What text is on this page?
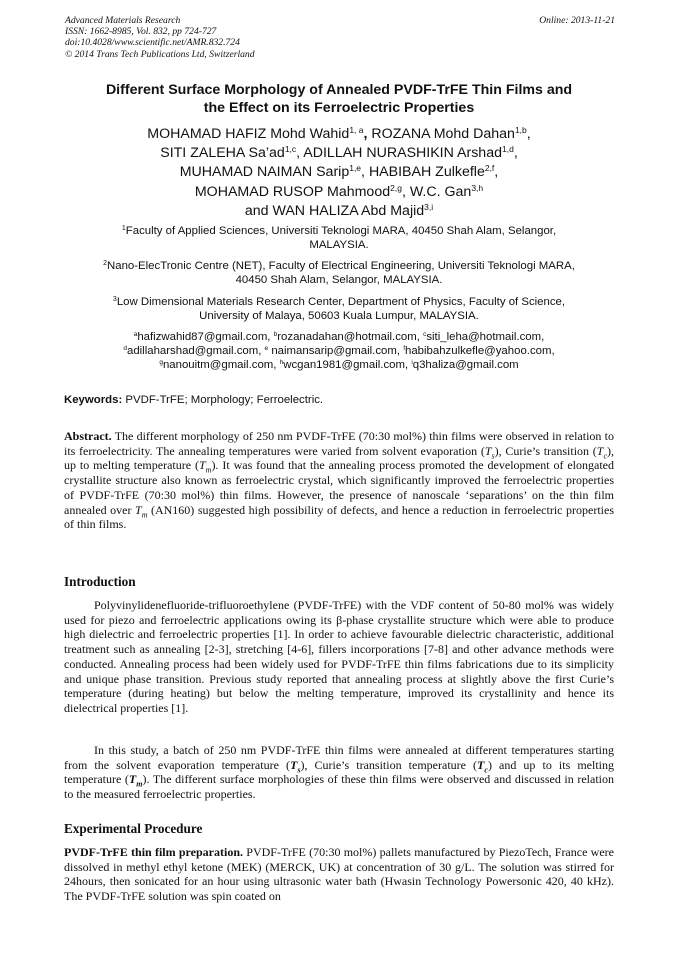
Advanced Materials Research
ISSN: 1662-8985, Vol. 832, pp 724-727
doi:10.4028/www.scientific.net/AMR.832.724
© 2014 Trans Tech Publications Ltd, Switzerland
Online: 2013-11-21
Different Surface Morphology of Annealed PVDF-TrFE Thin Films and
the Effect on its Ferroelectric Properties
MOHAMAD HAFIZ Mohd Wahid$^{1, a}$, ROZANA Mohd Dahan$^{1,b}$,
SITI ZALEHA Sa’ad$^{1,c}$, ADILLAH NURASHIKIN Arshad$^{1,d}$,
MUHAMAD NAIMAN Sarip$^{1,e}$, HABIBAH Zulkefle$^{2,f}$,
MOHAMAD RUSOP Mahmood$^{2,g}$, W.C. Gan$^{3,h}$
and WAN HALIZA Abd Majid$^{3,i}$
$^1$Faculty of Applied Sciences, Universiti Teknologi MARA, 40450 Shah Alam, Selangor,
MALAYSIA.
$^2$Nano-ElecTronic Centre (NET), Faculty of Electrical Engineering, Universiti Teknologi MARA,
40450 Shah Alam, Selangor, MALAYSIA.
$^3$Low Dimensional Materials Research Center, Department of Physics, Faculty of Science,
University of Malaya, 50603 Kuala Lumpur, MALAYSIA.
$^a$hafizwahid87@gmail.com, $^b$rozanadahan@hotmail.com, $^c$siti_leha@hotmail.com,
$^d$adillaharshad@gmail.com, $^e$ naimansarip@gmail.com, $^f$habibahzulkefle@yahoo.com,
$^g$nanouitm@gmail.com, $^h$wcgan1981@gmail.com, $^i$q3haliza@gmail.com
Keywords: PVDF-TrFE; Morphology; Ferroelectric.
Abstract. The different morphology of 250 nm PVDF-TrFE (70:30 mol%) thin films were observed in relation to its ferroelectricity. The annealing temperatures were varied from solvent evaporation $(T_s)$, Curie’s transition $(T_c)$, up to melting temperature $(T_m)$. It was found that the annealing process promoted the development of elongated crystallite structure also known as ferroelectric crystal, which significantly improved the ferroelectric properties of PVDF-TrFE (70:30 mol%) thin films. However, the presence of nanoscale ‘separations’ on the thin film annealed over $T_m$ (AN160) suggested high possibility of defects, and hence a reduction in ferroelectric properties of thin films.
Introduction
Polyvinylidenefluoride-trifluoroethylene (PVDF-TrFE) with the VDF content of 50-80 mol% was widely used for piezo and ferroelectric applications owing its β-phase crystallite structure which were able to produce high dielectric and ferroelectric properties [1]. In order to achieve favourable dielectric characteristic, additional treatment such as annealing [2-3], stretching [4-6], fillers incorporations [7-8] and other advance methods were conducted. Annealing process had been widely used for PVDF-TrFE thin films fabrications due to its simplicity and unique phase transition. Previous study reported that annealing process at slightly above the first Curie’s temperature (during heating) but below the melting temperature, improved its crystallinity and hence its dielectrical properties [1].
In this study, a batch of 250 nm PVDF-TrFE thin films were annealed at different temperatures starting from the solvent evaporation temperature $(T_s)$, Curie’s transition temperature $(T_c)$ and up to its melting temperature $(T_m)$. The different surface morphologies of these thin films were observed and discussed in relation to the measured ferroelectric properties.
Experimental Procedure
PVDF-TrFE thin film preparation. PVDF-TrFE (70:30 mol%) pallets manufactured by PiezoTech, France were dissolved in methyl ethyl ketone (MEK) (MERCK, UK) at concentration of 30 g/L. The solution was stirred for 24hours, then sonicated for an hour using ultrasonic water bath (Hwasin Technology Powersonic 420, 40 kHz). The PVDF-TrFE solution was spin coated on
